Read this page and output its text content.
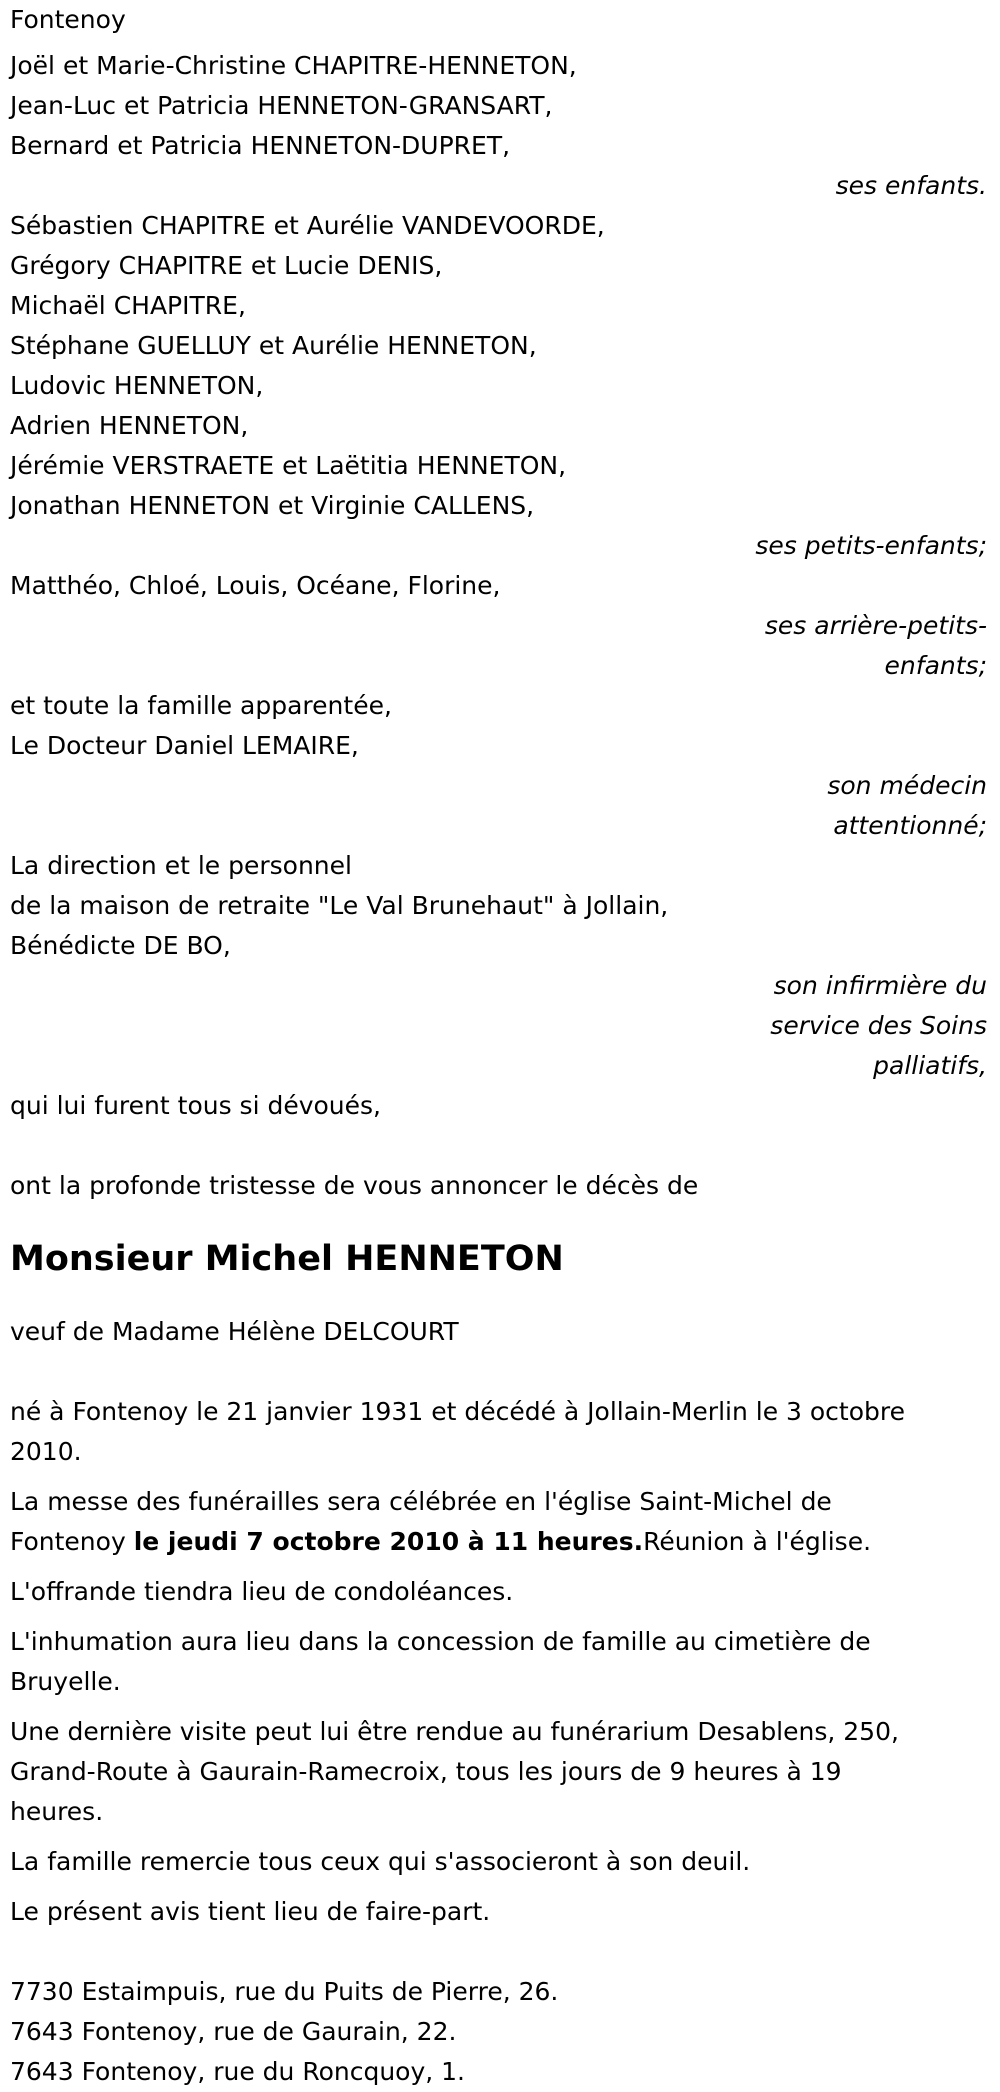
Fontenoy
Joël et Marie-Christine CHAPITRE-HENNETON,
Jean-Luc et Patricia HENNETON-GRANSART,
Bernard et Patricia HENNETON-DUPRET,
ses enfants.
Sébastien CHAPITRE et Aurélie VANDEVOORDE,
Grégory CHAPITRE et Lucie DENIS,
Michaël CHAPITRE,
Stéphane GUELLUY et Aurélie HENNETON,
Ludovic HENNETON,
Adrien HENNETON,
Jérémie VERSTRAETE et Laëtitia HENNETON,
Jonathan HENNETON et Virginie CALLENS,
ses petits-enfants;
Matthéo, Chloé, Louis, Océane, Florine,
ses arrière-petits-
enfants;
et toute la famille apparentée,
Le Docteur Daniel LEMAIRE,
son médecin
attentionné;
La direction et le personnel
de la maison de retraite "Le Val Brunehaut" à Jollain,
Bénédicte DE BO,
son infirmière du
service des Soins
palliatifs,
qui lui furent tous si dévoués,
ont la profonde tristesse de vous annoncer le décès de
Monsieur Michel HENNETON
veuf de Madame Hélène DELCOURT
né à Fontenoy le 21 janvier 1931 et décédé à Jollain-Merlin le 3 octobre
2010.
La messe des funérailles sera célébrée en l'église Saint-Michel de
Fontenoy le jeudi 7 octobre 2010 à 11 heures.Réunion à l'église.
L'offrande tiendra lieu de condoléances.
L'inhumation aura lieu dans la concession de famille au cimetière de
Bruyelle.
Une dernière visite peut lui être rendue au funérarium Desablens, 250,
Grand-Route à Gaurain-Ramecroix, tous les jours de 9 heures à 19
heures.
La famille remercie tous ceux qui s'associeront à son deuil.
Le présent avis tient lieu de faire-part.
7730 Estaimpuis, rue du Puits de Pierre, 26.
7643 Fontenoy, rue de Gaurain, 22.
7643 Fontenoy, rue du Roncquoy, 1.
